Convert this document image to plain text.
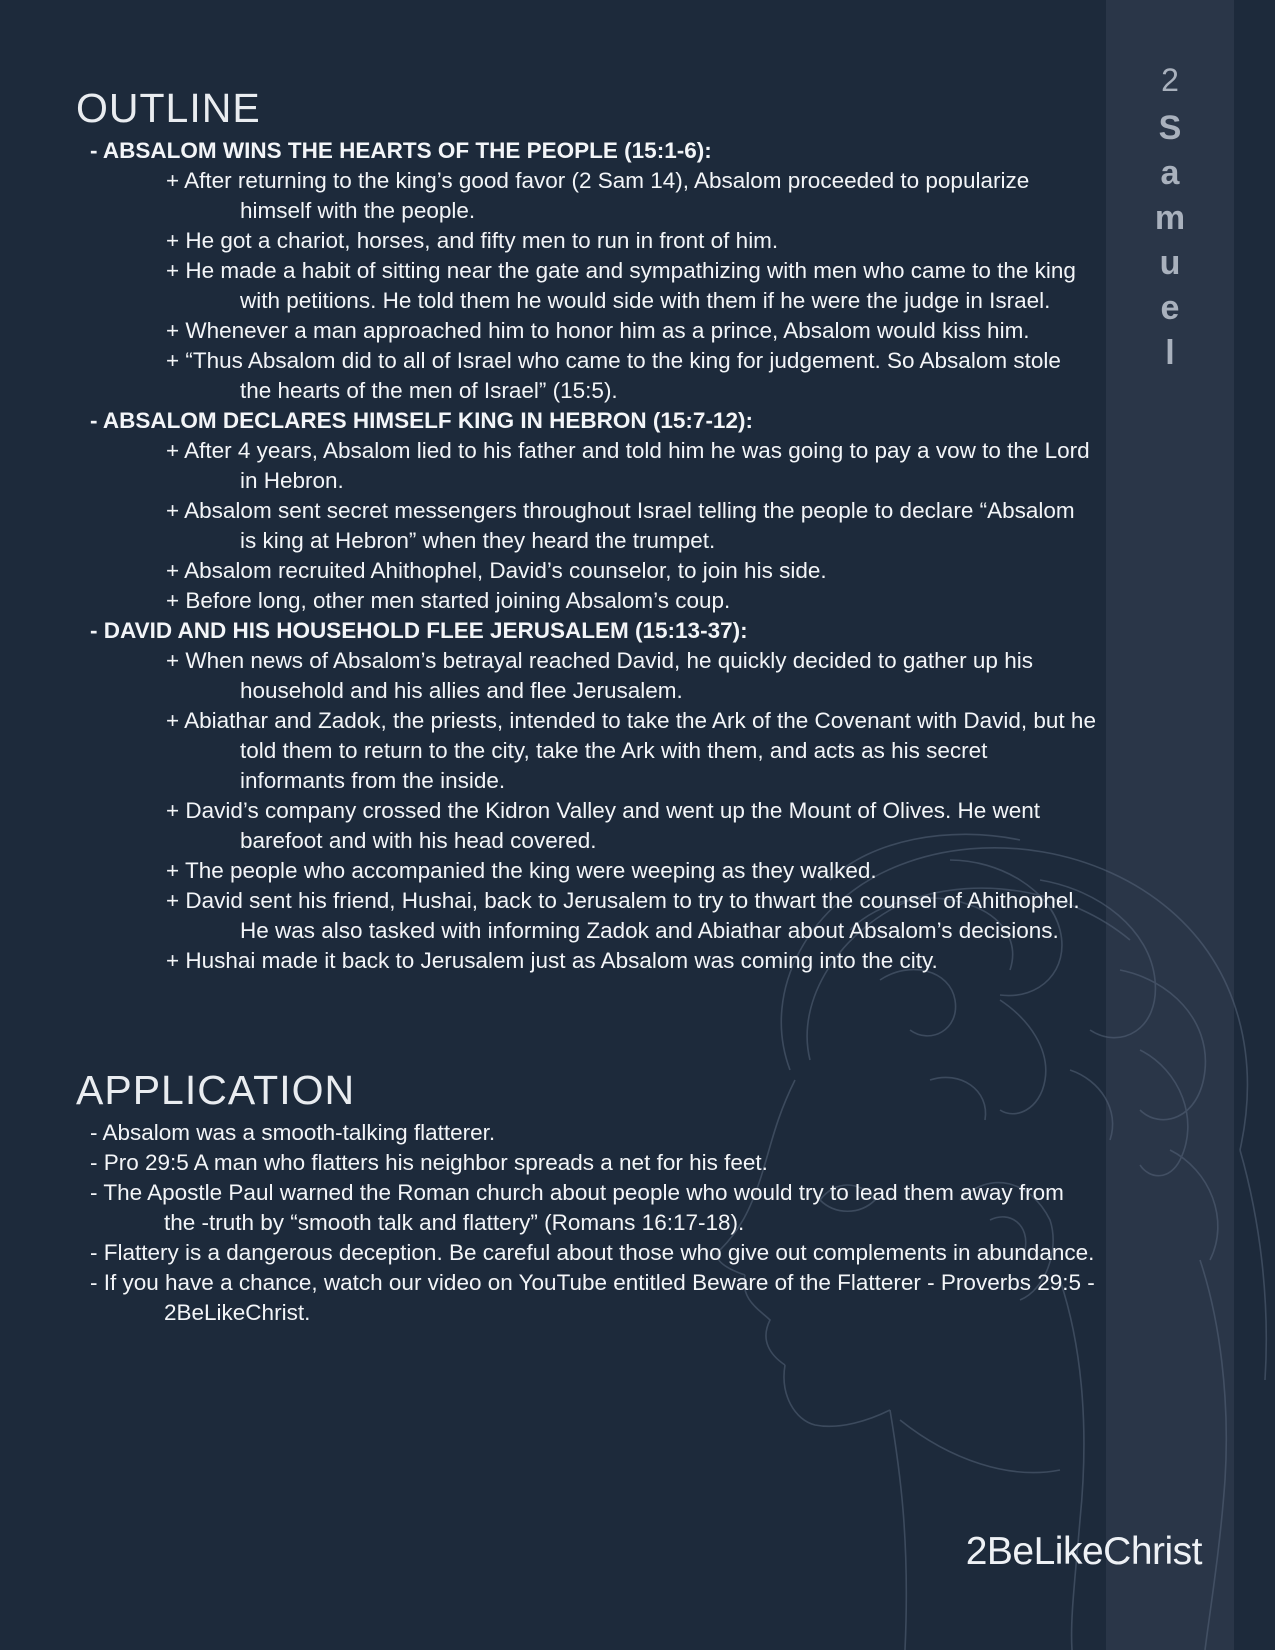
2
S
a
m
u
e
l
OUTLINE
- ABSALOM WINS THE HEARTS OF THE PEOPLE (15:1-6):
+ After returning to the king’s good favor (2 Sam 14), Absalom proceeded to popularize himself with the people.
+ He got a chariot, horses, and fifty men to run in front of him.
+ He made a habit of sitting near the gate and sympathizing with men who came to the king with petitions. He told them he would side with them if he were the judge in Israel.
+ Whenever a man approached him to honor him as a prince, Absalom would kiss him.
+ “Thus Absalom did to all of Israel who came to the king for judgement. So Absalom stole the hearts of the men of Israel” (15:5).
- ABSALOM DECLARES HIMSELF KING IN HEBRON (15:7-12):
+ After 4 years, Absalom lied to his father and told him he was going to pay a vow to the Lord in Hebron.
+ Absalom sent secret messengers throughout Israel telling the people to declare “Absalom is king at Hebron” when they heard the trumpet.
+ Absalom recruited Ahithophel, David’s counselor, to join his side.
+ Before long, other men started joining Absalom’s coup.
- DAVID AND HIS HOUSEHOLD FLEE JERUSALEM (15:13-37):
+ When news of Absalom’s betrayal reached David, he quickly decided to gather up his household and his allies and flee Jerusalem.
+ Abiathar and Zadok, the priests, intended to take the Ark of the Covenant with David, but he told them to return to the city, take the Ark with them, and acts as his secret informants from the inside.
+ David’s company crossed the Kidron Valley and went up the Mount of Olives. He went barefoot and with his head covered.
+ The people who accompanied the king were weeping as they walked.
+ David sent his friend, Hushai, back to Jerusalem to try to thwart the counsel of Ahithophel. He was also tasked with informing Zadok and Abiathar about Absalom’s decisions.
+ Hushai made it back to Jerusalem just as Absalom was coming into the city.
APPLICATION
- Absalom was a smooth-talking flatterer.
- Pro 29:5 A man who flatters his neighbor spreads a net for his feet.
- The Apostle Paul warned the Roman church about people who would try to lead them away from the -truth by “smooth talk and flattery” (Romans 16:17-18).
- Flattery is a dangerous deception. Be careful about those who give out complements in abundance.
- If you have a chance, watch our video on YouTube entitled Beware of the Flatterer - Proverbs 29:5 - 2BeLikeChrist.
2BeLikeChrist
